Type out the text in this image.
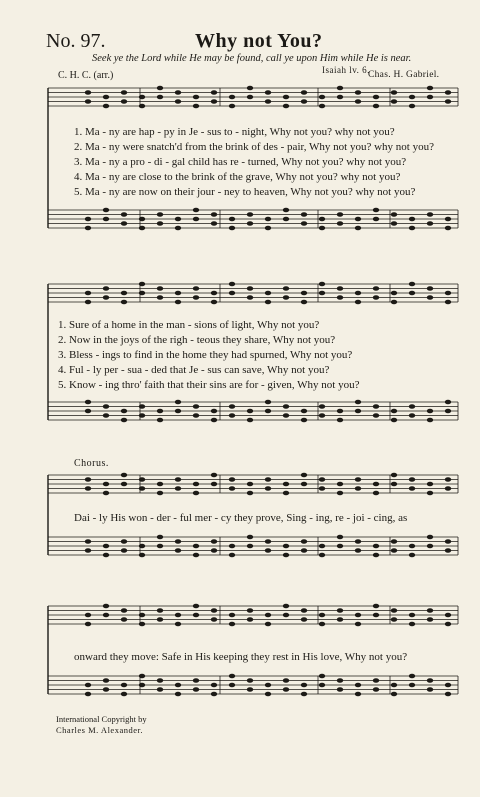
No. 97.	Why not You?
Seek ye the Lord while He may be found, call ye upon Him while He is near.
Isaiah lv. 6.
C. H. C. (arr.)	Chas. H. Gabriel.
1. Ma - ny are hap - py in Je - sus to - night, Why not you? why not you?
2. Ma - ny were snatch'd from the brink of des - pair, Why not you? why not you?
3. Ma - ny a pro - di - gal child has re - turned, Why not you? why not you?
4. Ma - ny are close to the brink of the grave, Why not you? why not you?
5. Ma - ny are now on their jour - ney to heaven, Why not you? why not you?
1. Sure of a home in the man - sions of light, Why not you?
2. Now in the joys of the righ - teous they share, Why not you?
3. Bless - ings to find in the home they had spurned, Why not you?
4. Ful - ly per - sua - ded that Je - sus can save, Why not you?
5. Know - ing thro' faith that their sins are for - given, Why not you?
Chorus.
Dai - ly His won - der - ful mer - cy they prove, Sing - ing, re - joi - cing, as
onward they move: Safe in His keeping they rest in His love, Why not you?
International Copyright by
Charles M. Alexander.
